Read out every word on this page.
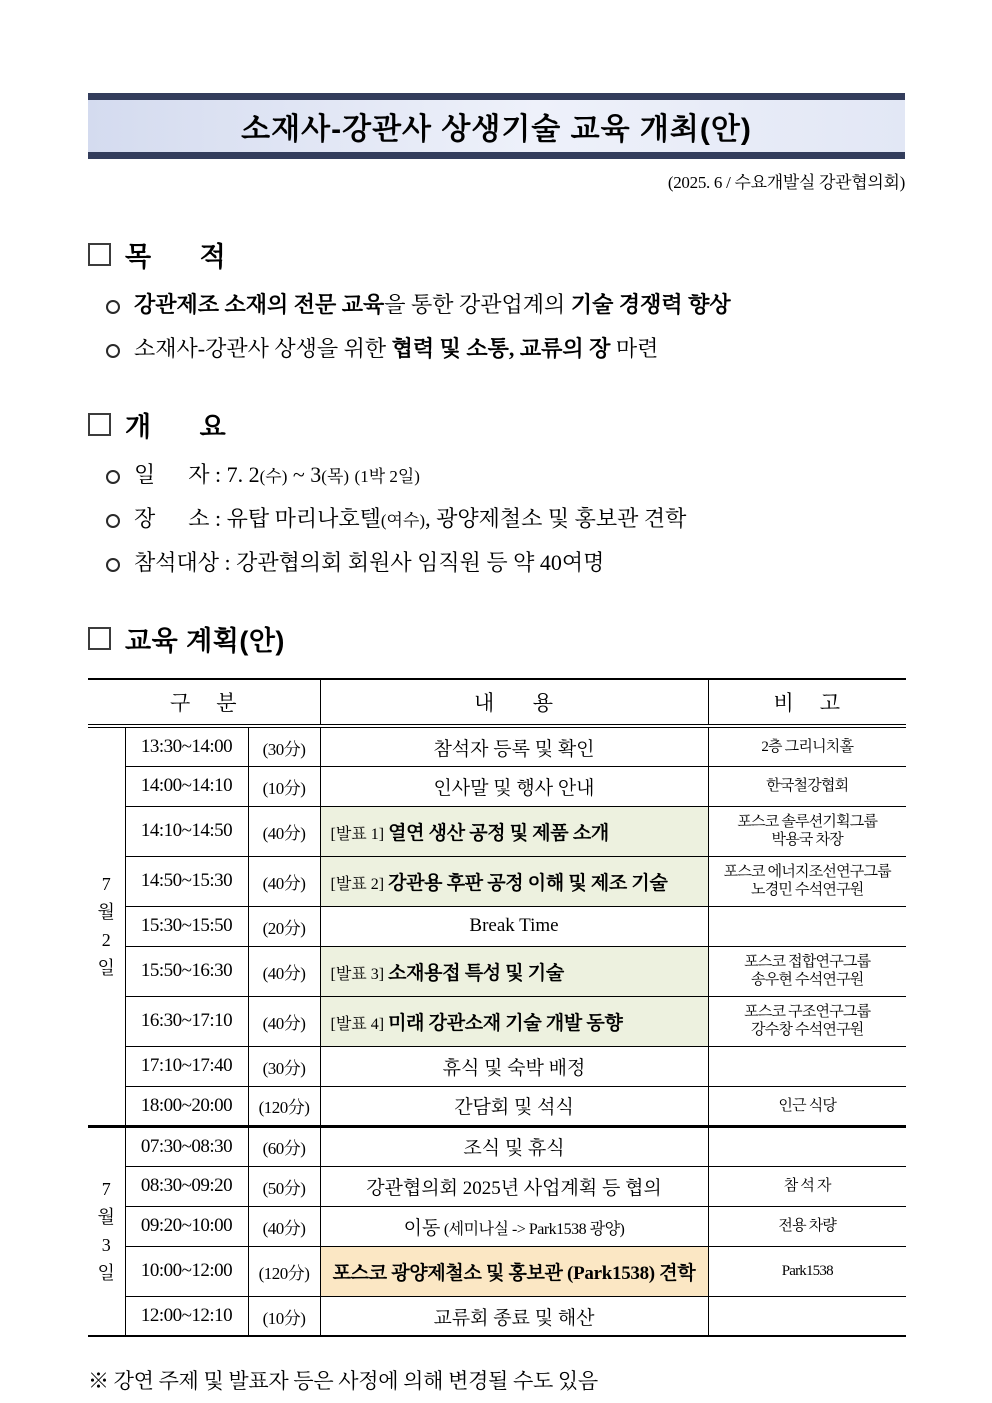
소재사-강관사 상생기술 교육 개최(안)
(2025. 6 / 수요개발실 강관협의회)
목      적
강관제조 소재의 전문 교육을 통한 강관업계의 기술 경쟁력 향상
소재사-강관사 상생을 위한 협력 및 소통, 교류의 장 마련
개      요
일      자 : 7. 2(수) ~ 3(목) (1박 2일)
장      소 : 유탑 마리나호텔(여수), 광양제철소 및 홍보관 견학
참석대상 : 강관협의회 회원사 임직원 등 약 40여명
교육 계획(안)
구    분			내      용	비    고

7
월
2
일	13:30~14:00	(30分)	참석자 등록 및 확인	2층 그리니치홀

	14:00~14:10	(10分)	인사말 및 행사 안내	한국철강협회

	14:10~14:50	(40分)	[발표 1] 열연 생산 공정 및 제품 소개	포스코 솔루션기획그룹
박용국 차장

	14:50~15:30	(40分)	[발표 2] 강관용 후판 공정 이해 및 제조 기술	포스코 에너지조선연구그룹
노경민 수석연구원

	15:30~15:50	(20分)	Break Time	
	15:50~16:30	(40分)	[발표 3] 소재용접 특성 및 기술	포스코 접합연구그룹
송우현 수석연구원

	16:30~17:10	(40分)	[발표 4] 미래 강관소재 기술 개발 동향	포스코 구조연구그룹
강수창 수석연구원

	17:10~17:40	(30分)	휴식 및 숙박 배정	
	18:00~20:00	(120分)	간담회 및 석식	인근 식당

7
월
3
일	07:30~08:30	(60分)	조식 및 휴식	
	08:30~09:20	(50分)	강관협의회 2025년 사업계획 등 협의	참 석 자

	09:20~10:00	(40分)	이동 (세미나실 -> Park1538 광양)	전용 차량

	10:00~12:00	(120分)	포스코 광양제철소 및 홍보관 (Park1538) 견학	Park1538

	12:00~12:10	(10分)	교류회 종료 및 해산	
※ 강연 주제 및 발표자 등은 사정에 의해 변경될 수도 있음
